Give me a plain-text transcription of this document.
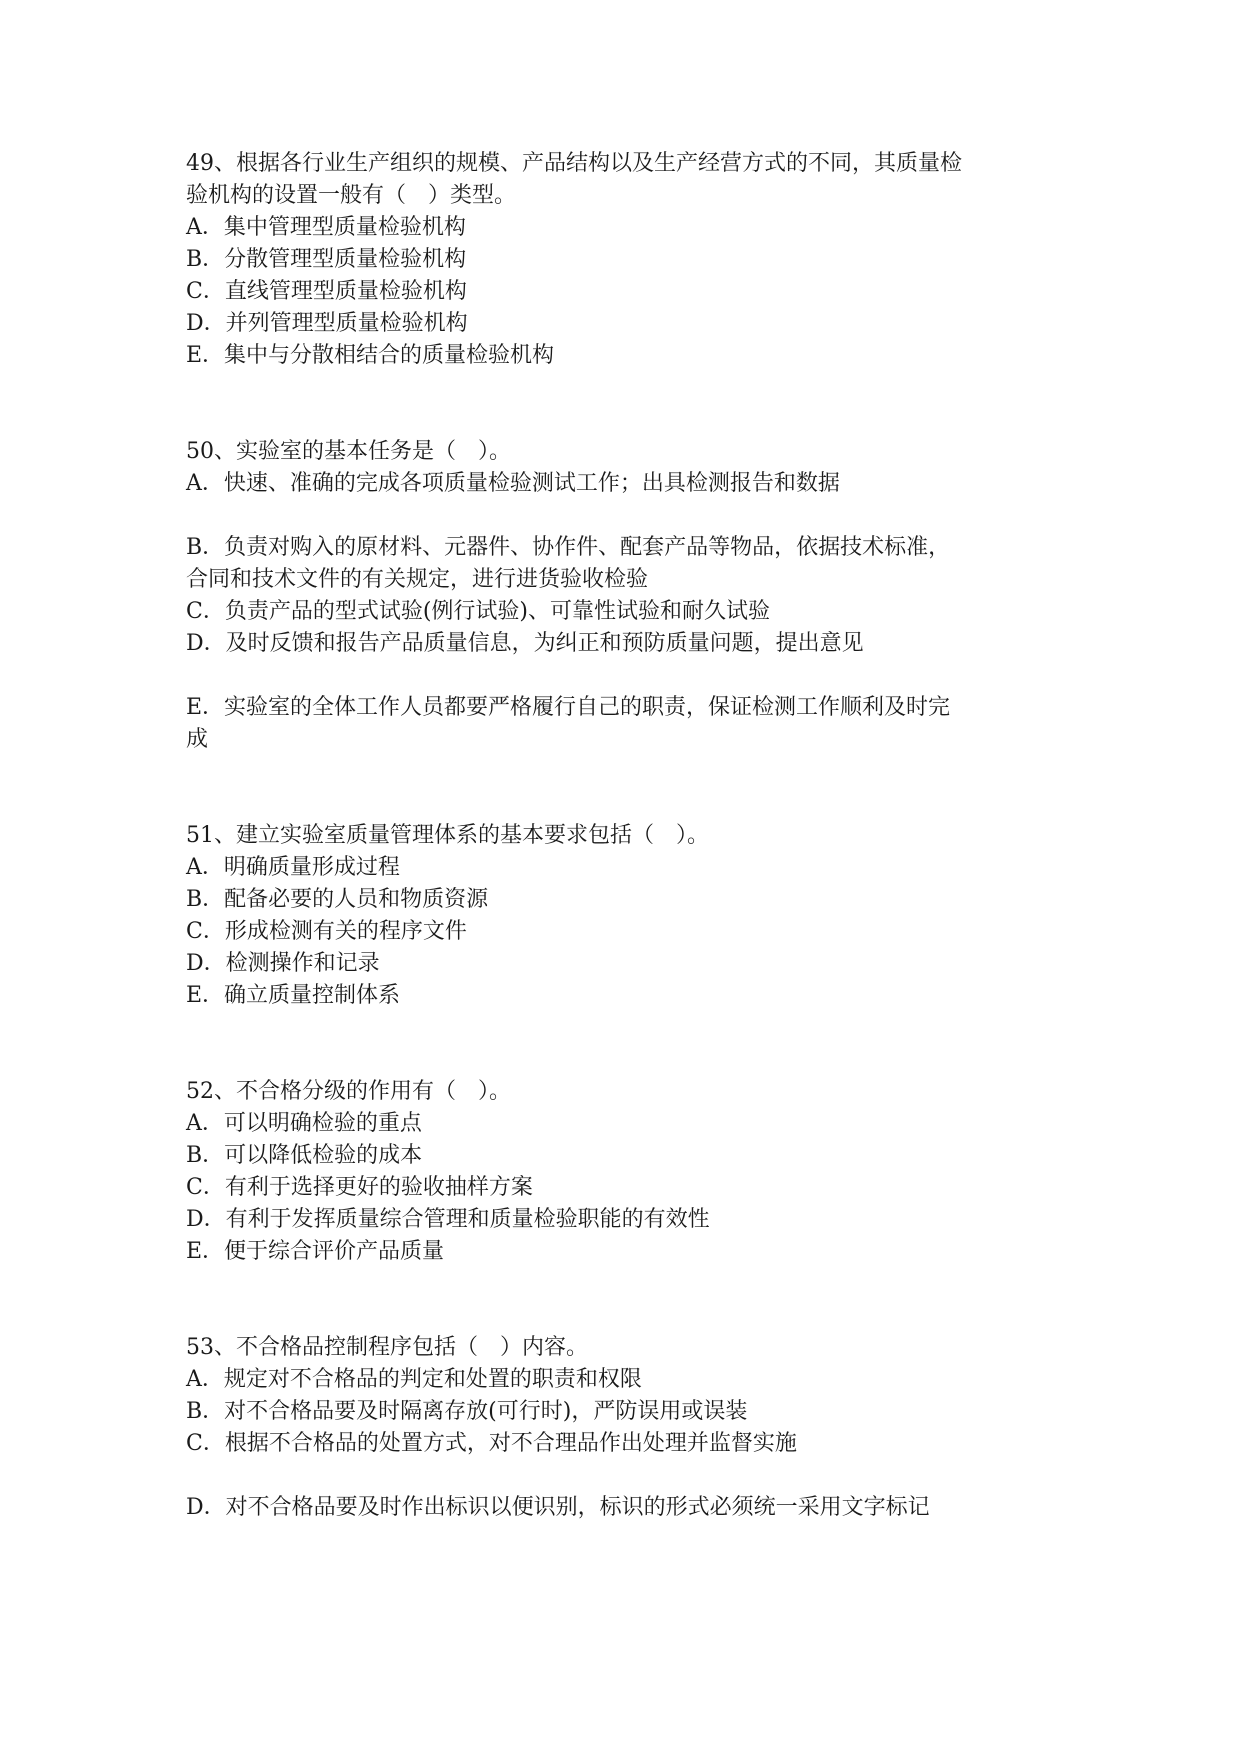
49、根据各行业生产组织的规模、产品结构以及生产经营方式的不同，其质量检
验机构的设置一般有（　）类型。
A．集中管理型质量检验机构
B．分散管理型质量检验机构
C．直线管理型质量检验机构
D．并列管理型质量检验机构
E．集中与分散相结合的质量检验机构
50、实验室的基本任务是（　）。
A．快速、准确的完成各项质量检验测试工作；出具检测报告和数据
B．负责对购入的原材料、元器件、协作件、配套产品等物品，依据技术标准，
合同和技术文件的有关规定，进行进货验收检验
C．负责产品的型式试验(例行试验)、可靠性试验和耐久试验
D．及时反馈和报告产品质量信息，为纠正和预防质量问题，提出意见
E．实验室的全体工作人员都要严格履行自己的职责，保证检测工作顺利及时完
成
51、建立实验室质量管理体系的基本要求包括（　）。
A．明确质量形成过程
B．配备必要的人员和物质资源
C．形成检测有关的程序文件
D．检测操作和记录
E．确立质量控制体系
52、不合格分级的作用有（　）。
A．可以明确检验的重点
B．可以降低检验的成本
C．有利于选择更好的验收抽样方案
D．有利于发挥质量综合管理和质量检验职能的有效性
E．便于综合评价产品质量
53、不合格品控制程序包括（　）内容。
A．规定对不合格品的判定和处置的职责和权限
B．对不合格品要及时隔离存放(可行时)，严防误用或误装
C．根据不合格品的处置方式，对不合理品作出处理并监督实施
D．对不合格品要及时作出标识以便识别，标识的形式必须统一采用文字标记
